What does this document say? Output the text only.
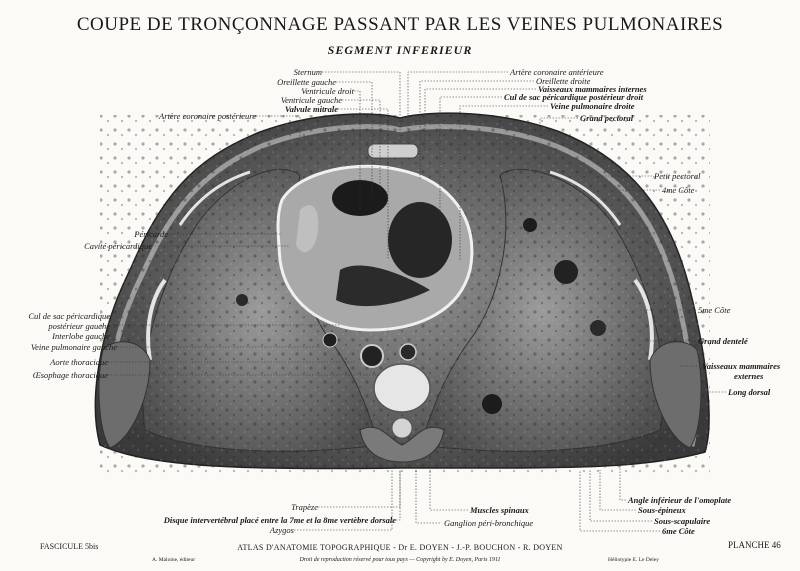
COUPE DE TRONÇONNAGE PASSANT PAR LES VEINES PULMONAIRES
SEGMENT INFERIEUR
Sternum
Oreillette gauche
Ventricule droit
Ventricule gauche
Valvule mitrale
Artère coronaire postérieure
Artère coronaire antérieure
Oreillette droite
Vaisseaux mammaires internes
Cul de sac péricardique postérieur droit
Veine pulmonaire droite
Grand pectoral
Péricarde
Cavité péricardique
Cul de sac péricardique
postérieur gauche
Interlobe gauche
Veine pulmonaire gauche
Aorte thoracique
Œsophage thoracique
Petit pectoral
4me Côte
5me Côte
Grand dentelé
Vaisseaux mammaires
externes
Long dorsal
Trapèze
Disque intervertébral placé entre la 7me et la 8me vertèbre dorsale
Azygos
Muscles spinaux
Ganglion péri-bronchique
Angle inférieur de l'omoplate
Sous-épineux
Sous-scapulaire
6me Côte
FASCICULE 5bis	ATLAS D'ANATOMIE TOPOGRAPHIQUE - Dr E. DOYEN - J.-P. BOUCHON - R. DOYEN	PLANCHE 46
A. Maloine, éditeur	Droit de reproduction réservé pour tous pays — Copyright by E. Doyen, Paris 1911	Héliotypie E. Le Deley
